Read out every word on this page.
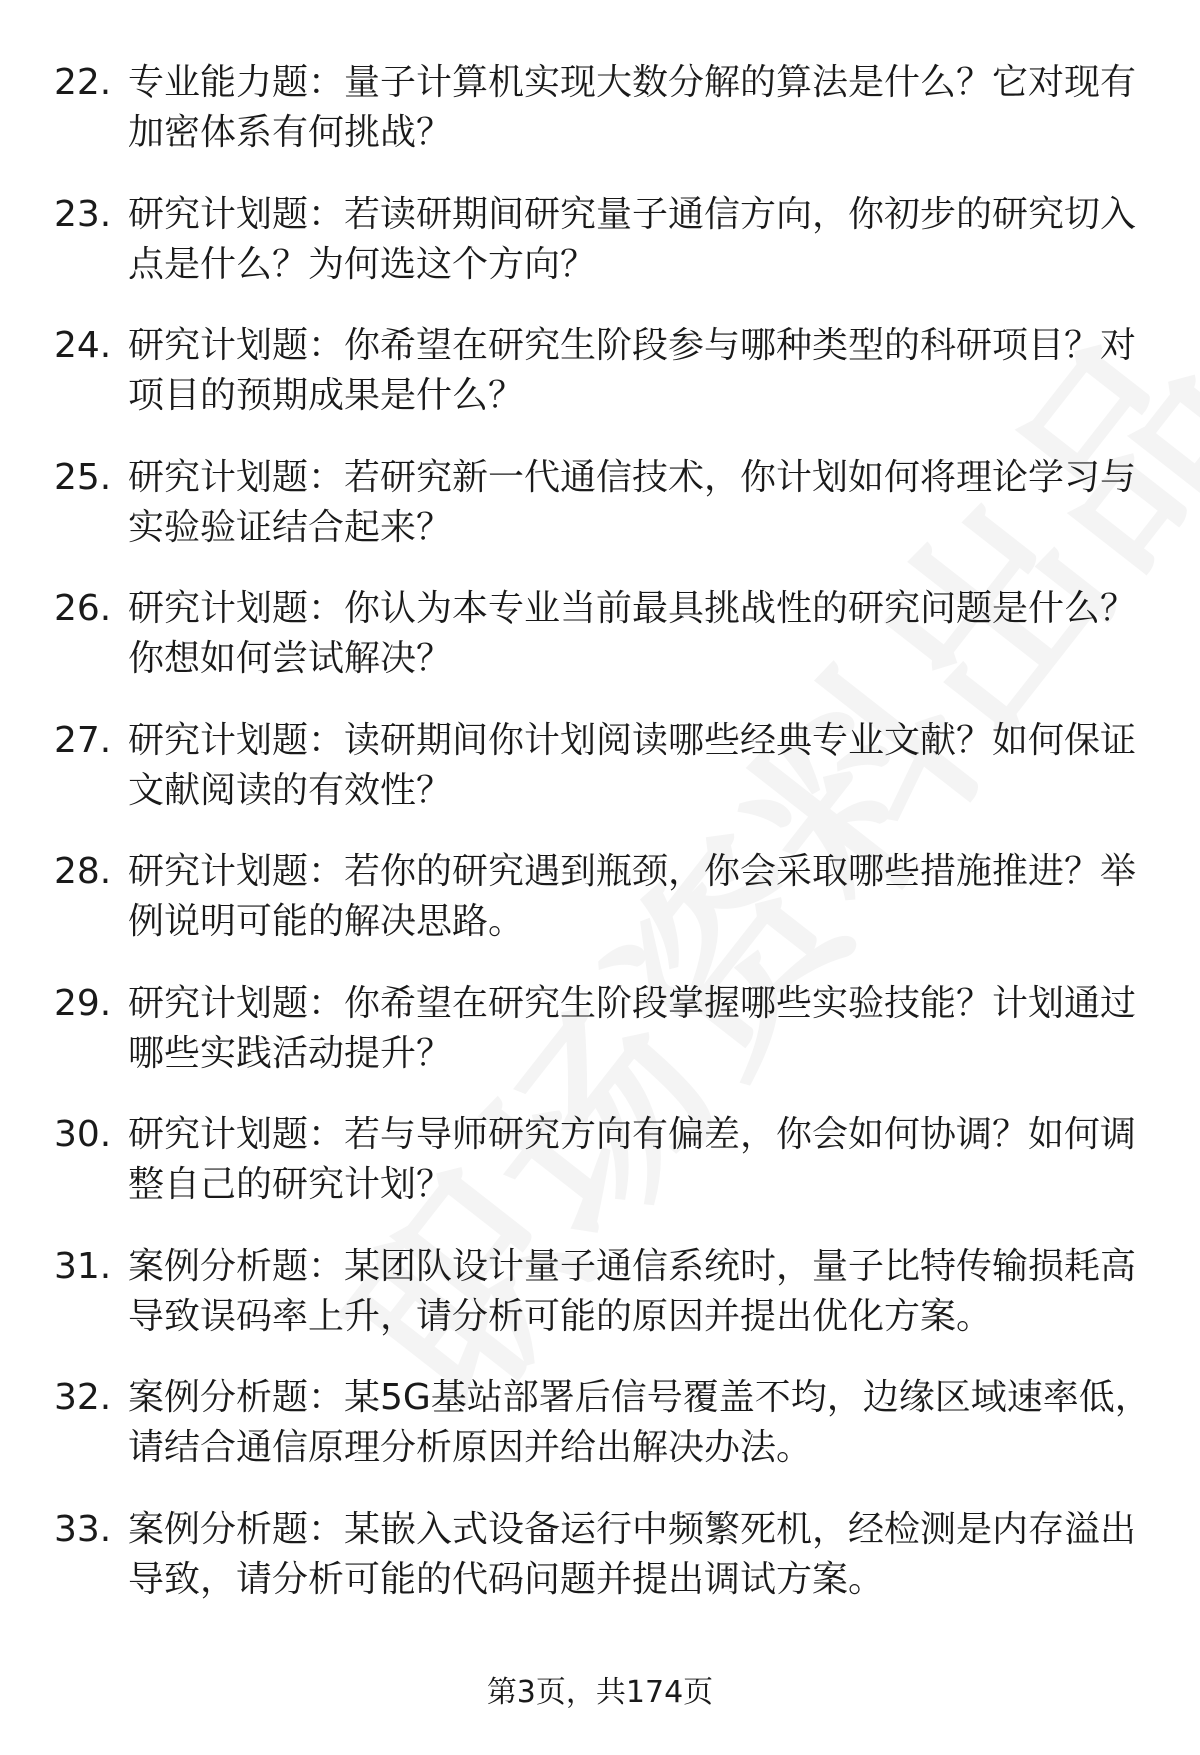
22. 专业能力题：量子计算机实现大数分解的算法是什么？它对现有
加密体系有何挑战？
23. 研究计划题：若读研期间研究量子通信方向，你初步的研究切入
点是什么？为何选这个方向？
24. 研究计划题：你希望在研究生阶段参与哪种类型的科研项目？对
项目的预期成果是什么？
25. 研究计划题：若研究新一代通信技术，你计划如何将理论学习与
实验验证结合起来？
26. 研究计划题：你认为本专业当前最具挑战性的研究问题是什么？
你想如何尝试解决？
27. 研究计划题：读研期间你计划阅读哪些经典专业文献？如何保证
文献阅读的有效性？
28. 研究计划题：若你的研究遇到瓶颈，你会采取哪些措施推进？举
例说明可能的解决思路。
29. 研究计划题：你希望在研究生阶段掌握哪些实验技能？计划通过
哪些实践活动提升？
30. 研究计划题：若与导师研究方向有偏差，你会如何协调？如何调
整自己的研究计划？
31. 案例分析题：某团队设计量子通信系统时，量子比特传输损耗高
导致误码率上升，请分析可能的原因并提出优化方案。
32. 案例分析题：某5G基站部署后信号覆盖不均，边缘区域速率低，
请结合通信原理分析原因并给出解决办法。
33. 案例分析题：某嵌入式设备运行中频繁死机，经检测是内存溢出
导致，请分析可能的代码问题并提出调试方案。
第3页，共174页
